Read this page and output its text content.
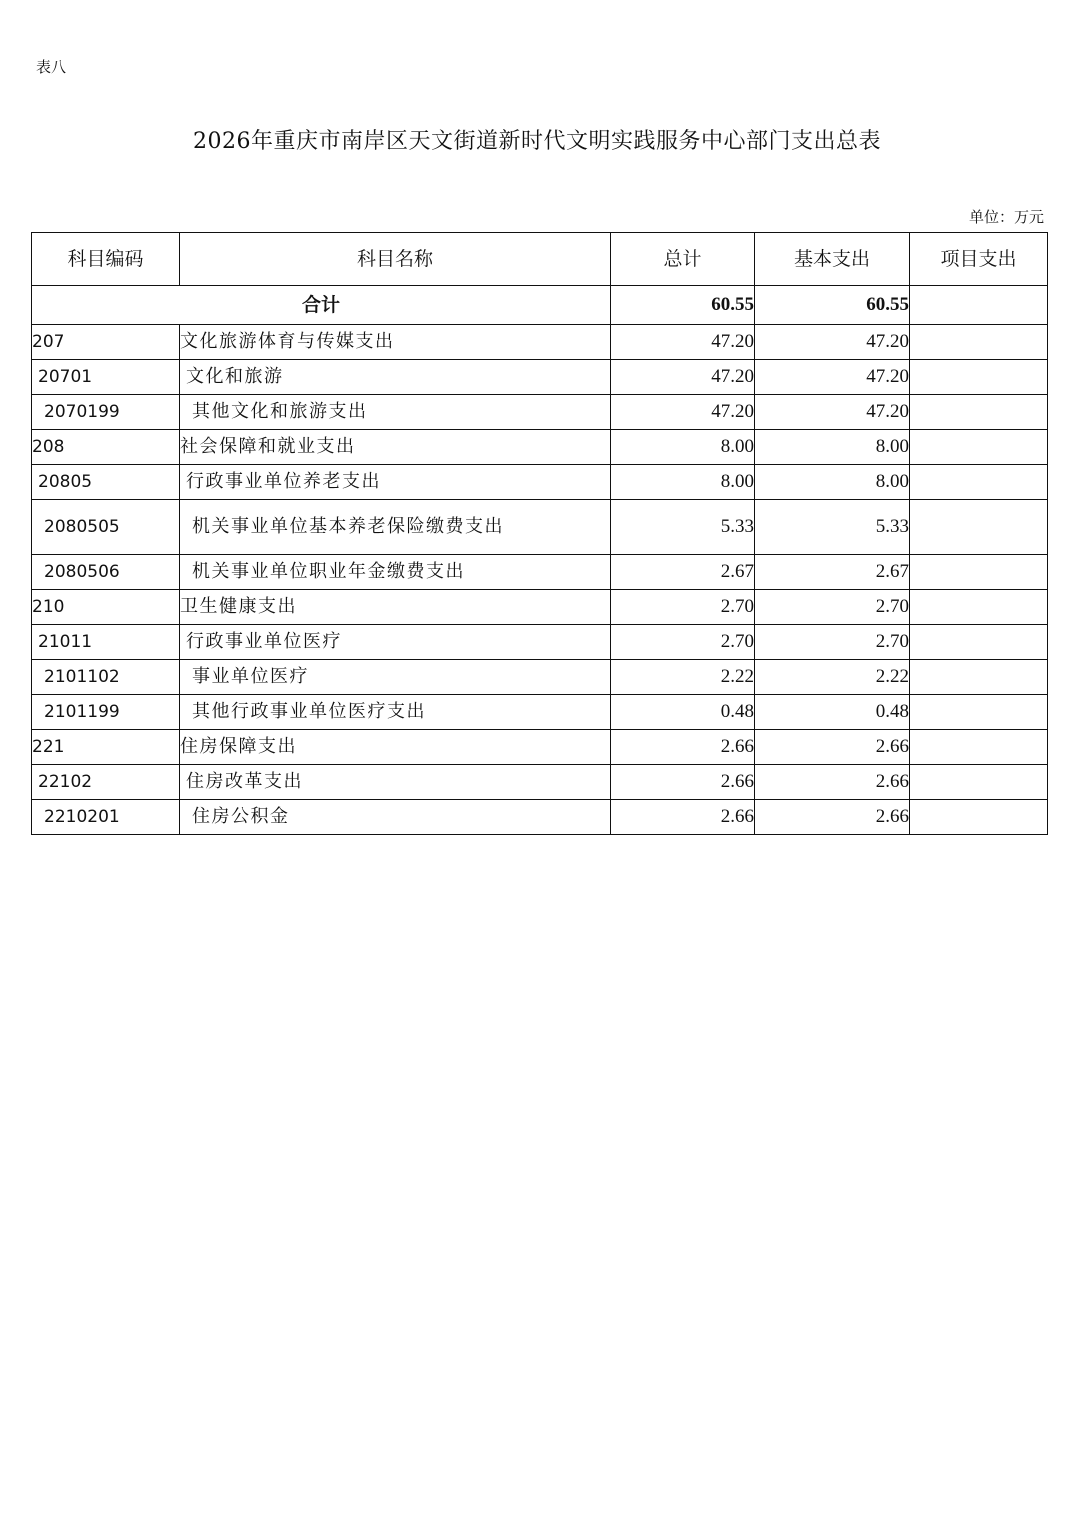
表八
2026年重庆市南岸区天文街道新时代文明实践服务中心部门支出总表
单位：万元
科目编码	科目名称	总计	基本支出	项目支出
合计		60.55	60.55	
207	文化旅游体育与传媒支出	47.20	47.20	
20701	文化和旅游	47.20	47.20	
2070199	其他文化和旅游支出	47.20	47.20	
208	社会保障和就业支出	8.00	8.00	
20805	行政事业单位养老支出	8.00	8.00	
2080505	机关事业单位基本养老保险缴费支出	5.33	5.33	
2080506	机关事业单位职业年金缴费支出	2.67	2.67	
210	卫生健康支出	2.70	2.70	
21011	行政事业单位医疗	2.70	2.70	
2101102	事业单位医疗	2.22	2.22	
2101199	其他行政事业单位医疗支出	0.48	0.48	
221	住房保障支出	2.66	2.66	
22102	住房改革支出	2.66	2.66	
2210201	住房公积金	2.66	2.66	
